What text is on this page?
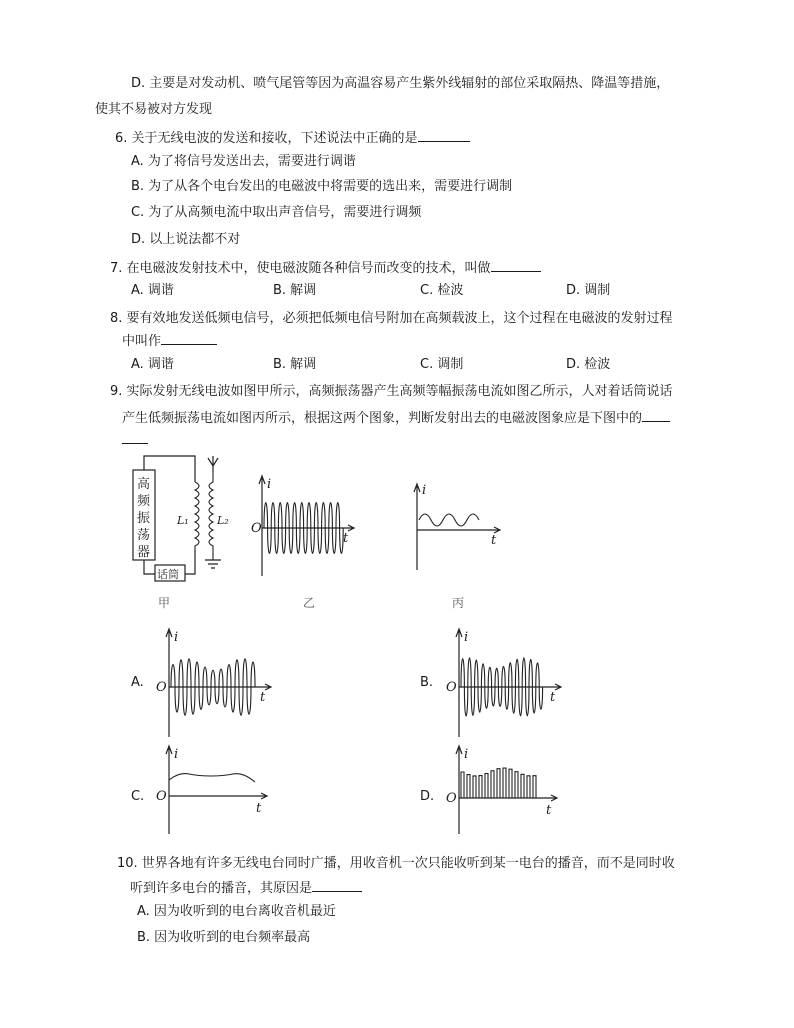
D. 主要是对发动机、喷气尾管等因为高温容易产生紫外线辐射的部位采取隔热、降温等措施，
使其不易被对方发现
6. 关于无线电波的发送和接收，下述说法中正确的是
A. 为了将信号发送出去，需要进行调谐
B. 为了从各个电台发出的电磁波中将需要的选出来，需要进行调制
C. 为了从高频电流中取出声音信号，需要进行调频
D. 以上说法都不对
7. 在电磁波发射技术中，使电磁波随各种信号而改变的技术，叫做
A. 调谐	B. 解调	C. 检波	D. 调制
8. 要有效地发送低频电信号，必须把低频电信号附加在高频载波上，这个过程在电磁波的发射过程
中叫作
A. 调谐	B. 解调	C. 调制	D. 检波
9. 实际发射无线电波如图甲所示，高频振荡器产生高频等幅振荡电流如图乙所示，人对着话筒说话
产生低频振荡电流如图丙所示，根据这两个图象，判断发射出去的电磁波图象应是下图中的
高
频
振
荡
器
话筒
L₁	L₂
i
t
O
i
t
甲	乙	丙
A.
i
t
O	B.
i
t
O
C.
i
t
O	D.
i
t
O
10. 世界各地有许多无线电台同时广播，用收音机一次只能收听到某一电台的播音，而不是同时收
听到许多电台的播音，其原因是
A. 因为收听到的电台离收音机最近
B. 因为收听到的电台频率最高
